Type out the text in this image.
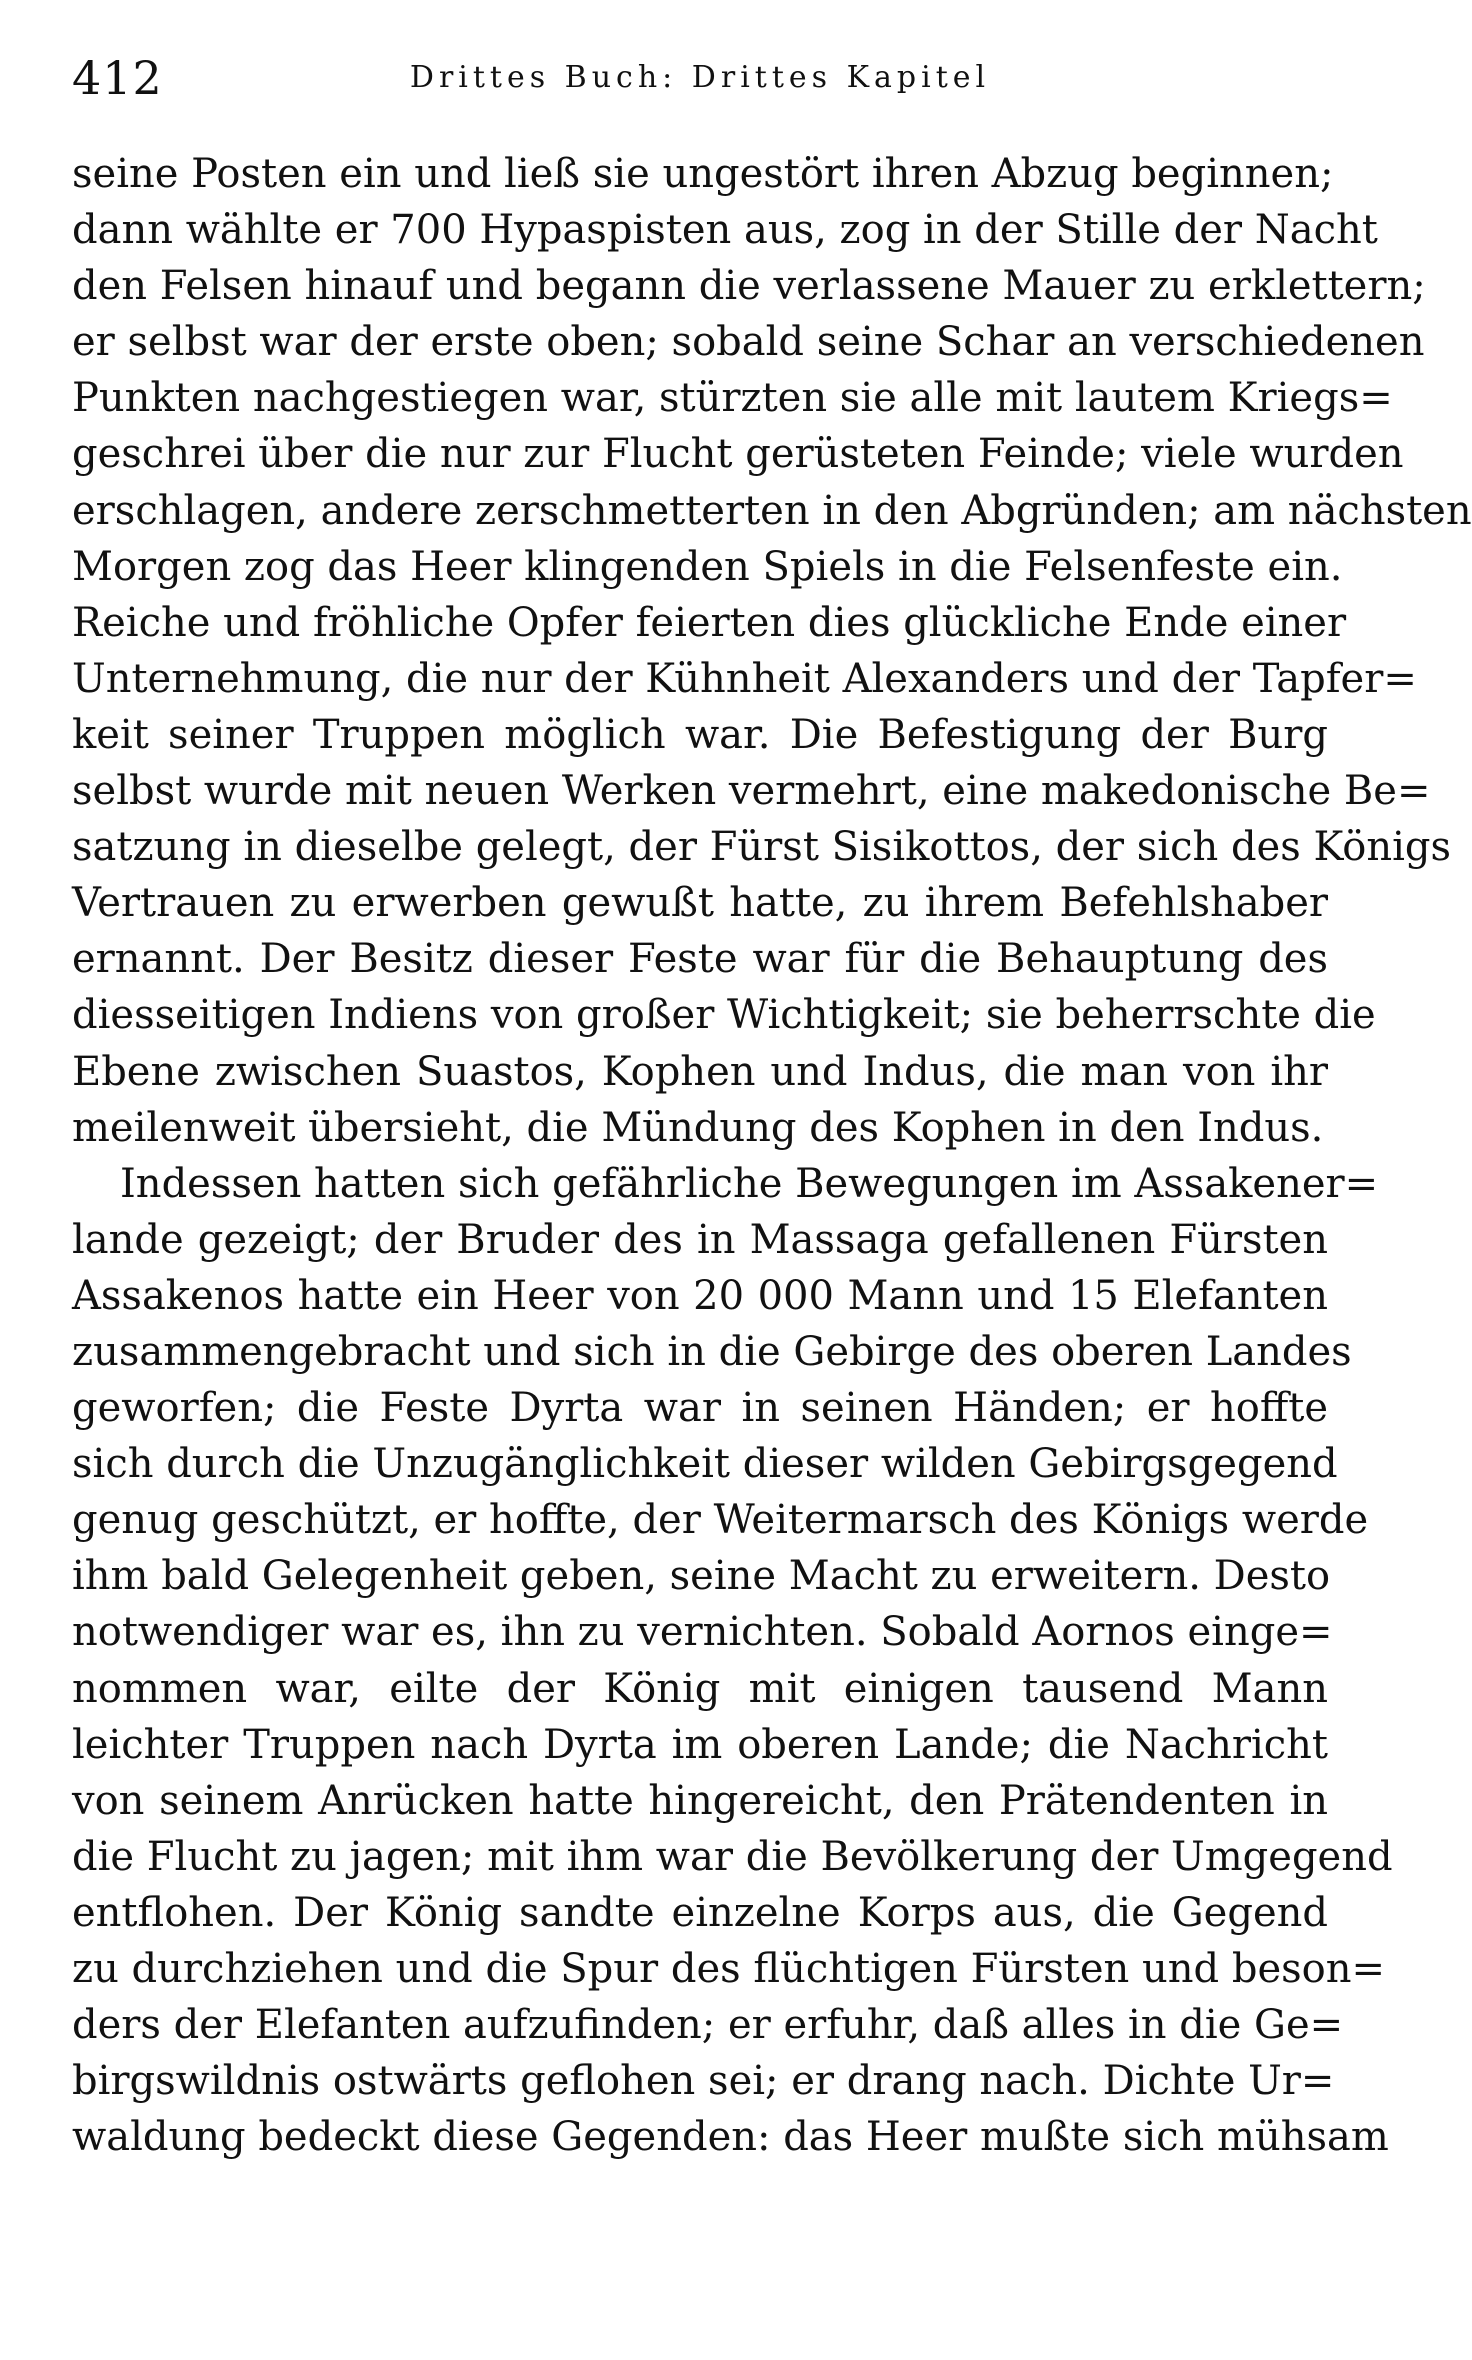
412	Drittes Buch: Drittes Kapitel
seine Posten ein und ließ sie ungestört ihren Abzug beginnen;
dann wählte er 700 Hypaspisten aus, zog in der Stille der Nacht
den Felsen hinauf und begann die verlassene Mauer zu erklettern;
er selbst war der erste oben; sobald seine Schar an verschiedenen
Punkten nachgestiegen war, stürzten sie alle mit lautem Kriegs=
geschrei über die nur zur Flucht gerüsteten Feinde; viele wurden
erschlagen, andere zerschmetterten in den Abgründen; am nächsten
Morgen zog das Heer klingenden Spiels in die Felsenfeste ein.
Reiche und fröhliche Opfer feierten dies glückliche Ende einer
Unternehmung, die nur der Kühnheit Alexanders und der Tapfer=
keit seiner Truppen möglich war. Die Befestigung der Burg
selbst wurde mit neuen Werken vermehrt, eine makedonische Be=
satzung in dieselbe gelegt, der Fürst Sisikottos, der sich des Königs
Vertrauen zu erwerben gewußt hatte, zu ihrem Befehlshaber
ernannt. Der Besitz dieser Feste war für die Behauptung des
diesseitigen Indiens von großer Wichtigkeit; sie beherrschte die
Ebene zwischen Suastos, Kophen und Indus, die man von ihr
meilenweit übersieht, die Mündung des Kophen in den Indus.
Indessen hatten sich gefährliche Bewegungen im Assakener=
lande gezeigt; der Bruder des in Massaga gefallenen Fürsten
Assakenos hatte ein Heer von 20 000 Mann und 15 Elefanten
zusammengebracht und sich in die Gebirge des oberen Landes
geworfen; die Feste Dyrta war in seinen Händen; er hoffte
sich durch die Unzugänglichkeit dieser wilden Gebirgsgegend
genug geschützt, er hoffte, der Weitermarsch des Königs werde
ihm bald Gelegenheit geben, seine Macht zu erweitern. Desto
notwendiger war es, ihn zu vernichten. Sobald Aornos einge=
nommen war, eilte der König mit einigen tausend Mann
leichter Truppen nach Dyrta im oberen Lande; die Nachricht
von seinem Anrücken hatte hingereicht, den Prätendenten in
die Flucht zu jagen; mit ihm war die Bevölkerung der Umgegend
entflohen. Der König sandte einzelne Korps aus, die Gegend
zu durchziehen und die Spur des flüchtigen Fürsten und beson=
ders der Elefanten aufzufinden; er erfuhr, daß alles in die Ge=
birgswildnis ostwärts geflohen sei; er drang nach. Dichte Ur=
waldung bedeckt diese Gegenden: das Heer mußte sich mühsam
